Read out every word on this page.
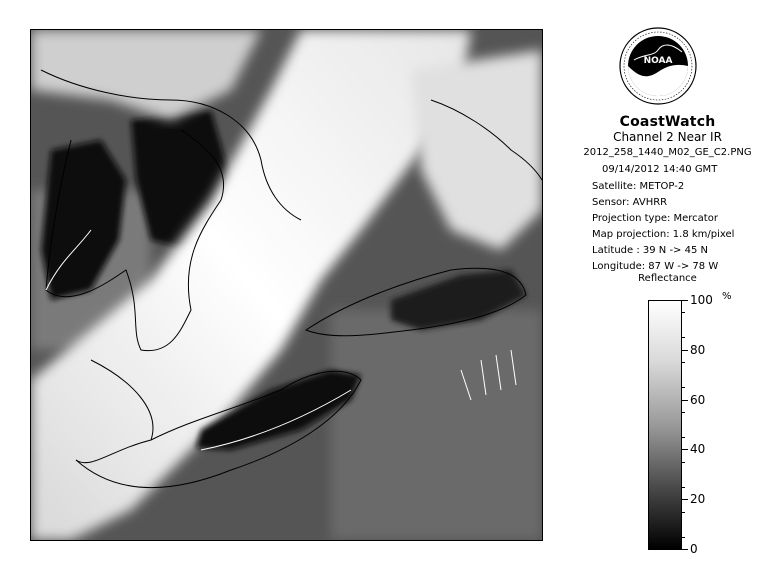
NOAA
CoastWatch
Channel 2 Near IR
2012_258_1440_M02_GE_C2.PNG
09/14/2012 14:40 GMT
Satellite: METOP-2
Sensor: AVHRR
Projection type: Mercator
Map projection: 1.8 km/pixel
Latitude : 39 N -> 45 N
Longitude: 87 W -> 78 W
Reflectance
%
100
80
60
40
20
0
